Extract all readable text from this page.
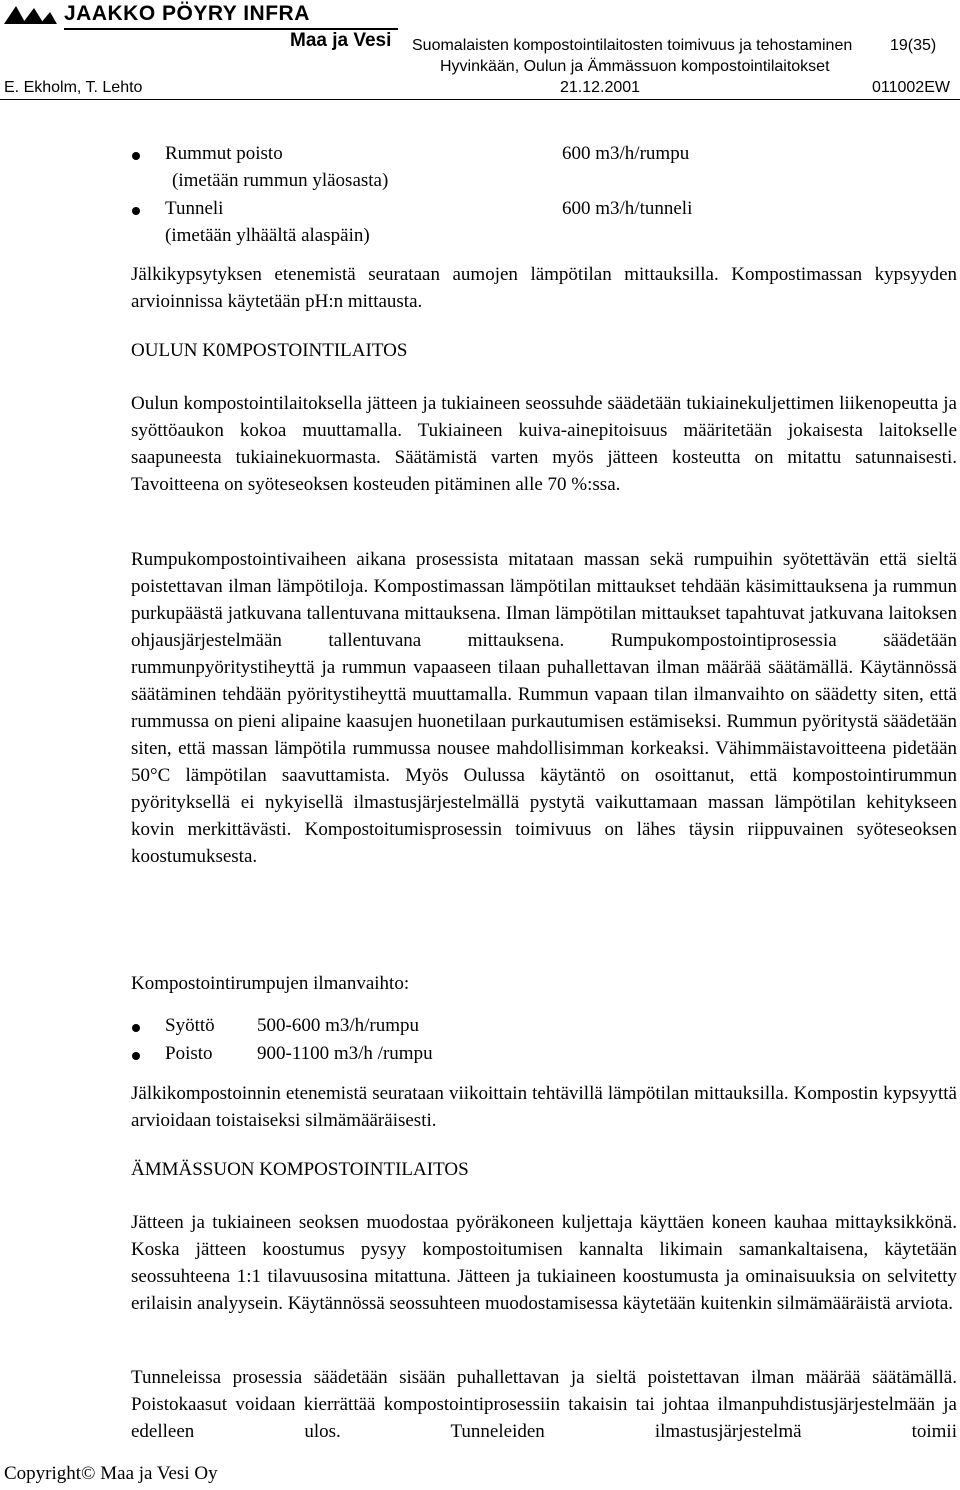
JAAKKO PÖYRY INFRA
Maa ja Vesi Suomalaisten kompostointilaitosten toimivuus ja tehostaminen 19(35)
Hyvinkään, Oulun ja Ämmässuon kompostointilaitokset
E. Ekholm, T. Lehto	21.12.2001	011002EW
Rummut poisto	600 m3/h/rumpu
(imetään rummun yläosasta)
Tunneli	600 m3/h/tunneli
(imetään ylhäältä alaspäin)

Jälkikypsytyksen etenemistä seurataan aumojen lämpötilan mittauksilla. Kompostimassan kypsyyden arvioinnissa käytetään pH:n mittausta.

OULUN K0MPOSTOINTILAITOS

Oulun kompostointilaitoksella jätteen ja tukiaineen seossuhde säädetään tukiainekuljettimen liikenopeutta ja syöttöaukon kokoa muuttamalla. Tukiaineen kuiva-ainepitoisuus määritetään jokaisesta laitokselle saapuneesta tukiainekuormasta. Säätämistä varten myös jätteen kosteutta on mitattu satunnaisesti. Tavoitteena on syöteseoksen kosteuden pitäminen alle 70 %:ssa.

Rumpukompostointivaiheen aikana prosessista mitataan massan sekä rumpuihin syötettävän että sieltä poistettavan ilman lämpötiloja. Kompostimassan lämpötilan mittaukset tehdään käsimittauksena ja rummun purkupäästä jatkuvana tallentuvana mittauksena. Ilman lämpötilan mittaukset tapahtuvat jatkuvana laitoksen ohjausjärjestelmään tallentuvana mittauksena. Rumpukompostointiprosessia säädetään rummunpyöritystiheyttä ja rummun vapaaseen tilaan puhallettavan ilman määrää säätämällä. Käytännössä säätäminen tehdään pyöritystiheyttä muuttamalla. Rummun vapaan tilan ilmanvaihto on säädetty siten, että rummussa on pieni alipaine kaasujen huonetilaan purkautumisen estämiseksi. Rummun pyöritystä säädetään siten, että massan lämpötila rummussa nousee mahdollisimman korkeaksi. Vähimmäistavoitteena pidetään 50°C lämpötilan saavuttamista. Myös Oulussa käytäntö on osoittanut, että kompostointirummun pyörityksellä ei nykyisellä ilmastusjärjestelmällä pystytä vaikuttamaan massan lämpötilan kehitykseen kovin merkittävästi. Kompostoitumisprosessin toimivuus on lähes täysin riippuvainen syöteseoksen koostumuksesta.

Kompostointirumpujen ilmanvaihto:
Syöttö 500-600 m3/h/rumpu
Poisto 900-1100 m3/h /rumpu

Jälkikompostoinnin etenemistä seurataan viikoittain tehtävillä lämpötilan mittauksilla. Kompostin kypsyyttä arvioidaan toistaiseksi silmämääräisesti.

ÄMMÄSSUON KOMPOSTOINTILAITOS

Jätteen ja tukiaineen seoksen muodostaa pyöräkoneen kuljettaja käyttäen koneen kauhaa mittayksikkönä. Koska jätteen koostumus pysyy kompostoitumisen kannalta likimain samankaltaisena, käytetään seossuhteena 1:1 tilavuusosina mitattuna. Jätteen ja tukiaineen koostumusta ja ominaisuuksia on selvitetty erilaisin analyysein. Käytännössä seossuhteen muodostamisessa käytetään kuitenkin silmämääräistä arviota.

Tunneleissa prosessia säädetään sisään puhallettavan ja sieltä poistettavan ilman määrää säätämällä. Poistokaasut voidaan kierrättää kompostointiprosessiin takaisin tai johtaa ilmanpuhdistusjärjestelmään ja edelleen ulos. Tunneleiden ilmastusjärjestelmä toimii

Copyright© Maa ja Vesi Oy
